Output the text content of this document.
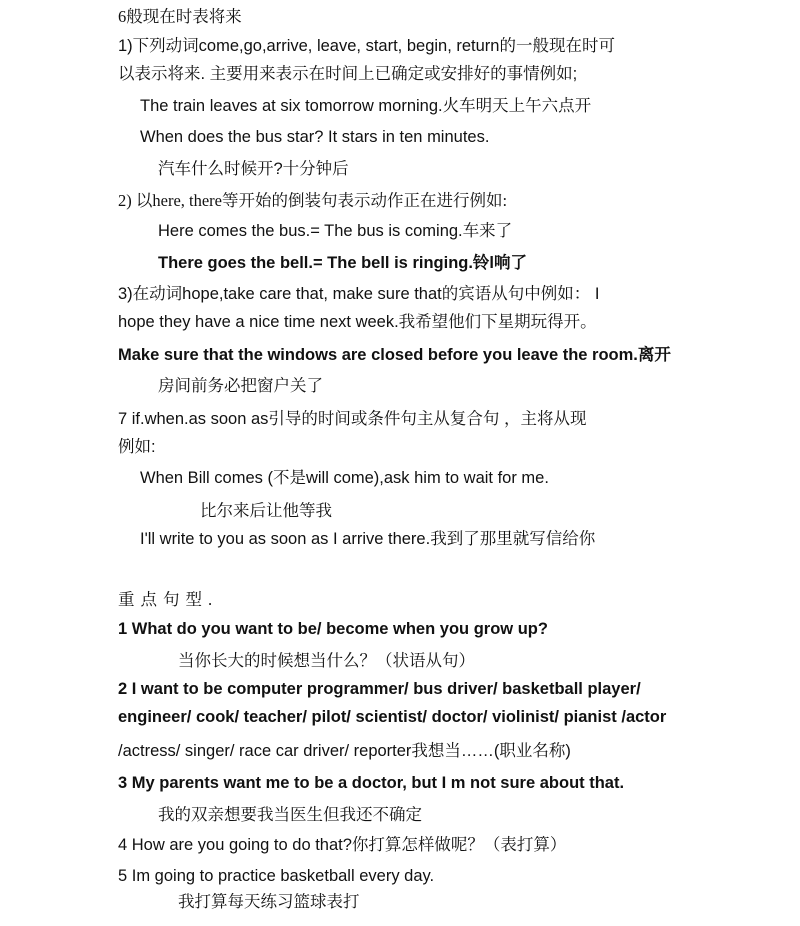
6般现在时表将来
1)下列动词come,go,arrive, leave, start, begin, return的一般现在时可
以表示将来. 主要用来表示在时间上已确定或安排好的事情例如;
The train leaves at six tomorrow morning.火车明天上午六点开
When does the bus star? It stars in ten minutes.
汽车什么时候开?十分钟后
2) 以here, there等开始的倒装句表示动作正在进行例如:
Here comes the bus.= The bus is coming.车来了
There goes the bell.= The bell is ringing.铃l响了
3)在动词hope,take care that, make sure that的宾语从句中例如： I
hope they have a nice time next week.我希望他们下星期玩得开。
Make sure that the windows are closed before you leave the room.离开
房间前务必把窗户关了
7 if.when.as soon as引导的时间或条件句主从复合句 ，主将从现
例如:
When Bill comes (不是will come),ask him to wait for me.
比尔来后让他等我
I'll write to you as soon as I arrive there.我到了那里就写信给你
重点句型.
1 What do you want to be/ become when you grow up?
当你长大的时候想当什么？（状语从句）
2 I want to be computer programmer/ bus driver/ basketball player/
engineer/ cook/ teacher/ pilot/ scientist/ doctor/ violinist/ pianist /actor
/actress/ singer/ race car driver/ reporter我想当……(职业名称)
3 My parents want me to be a doctor, but I m not sure about that.
我的双亲想要我当医生但我还不确定
4 How are you going to do that?你打算怎样做呢？（表打算）
5 Im going to practice basketball every day.
我打算每天练习篮球表打
